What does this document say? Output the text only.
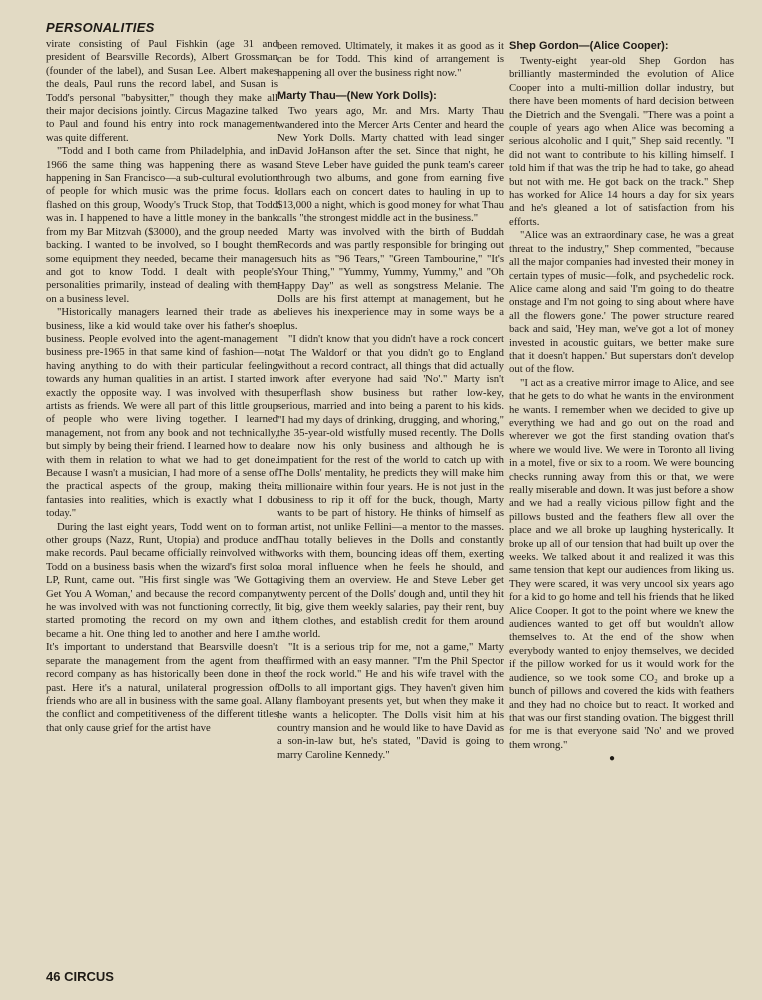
PERSONALITIES

virate consisting of Paul Fishkin (age 31 and president of Bearsville Records), Albert Grossman (founder of the label), and Susan Lee. Albert makes the deals, Paul runs the record label, and Susan is Todd's personal "babysitter," though they make all their major decisions jointly. Circus Magazine talked to Paul and found his entry into rock management was quite different.

"Todd and I both came from Philadelphia, and in 1966 the same thing was happening there as was happening in San Francisco—a sub-cultural evolution of people for which music was the prime focus. I flashed on this group, Woody's Truck Stop, that Todd was in. I happened to have a little money in the bank from my Bar Mitzvah ($3000), and the group needed backing. I wanted to be involved, so I bought them some equipment they needed, became their manager and got to know Todd. I dealt with people's personalities primarily, instead of dealing with them on a business level.

"Historically managers learned their trade as a business, like a kid would take over his father's shoe business. People evolved into the agent-management business pre-1965 in that same kind of fashion—not having anything to do with their particular feeling towards any human qualities in an artist. I started in exactly the opposite way. I was involved with the artists as friends. We were all part of this little group of people who were living together. I learned management, not from any book and not technically, but simply by being their friend. I learned how to deal with them in relation to what we had to get done. Because I wasn't a musician, I had more of a sense of the practical aspects of the group, making their fantasies into realities, which is exactly what I do today."

During the last eight years, Todd went on to form other groups (Nazz, Runt, Utopia) and produce and make records. Paul became officially reinvolved with Todd on a business basis when the wizard's first solo LP, Runt, came out. "His first single was 'We Gotta Get You A Woman,' and because the record company he was involved with was not functioning correctly, I started promoting the record on my own and it became a hit. One thing led to another and here I am. It's important to understand that Bearsville doesn't separate the management from the agent from the record company as has historically been done in the past. Here it's a natural, unilateral progression of friends who are all in business with the same goal. All the conflict and competitiveness of the different titles that only cause grief for the artist have

been removed. Ultimately, it makes it as good as it can be for Todd. This kind of arrangement is happening all over the business right now."

Marty Thau—(New York Dolls):

Two years ago, Mr. and Mrs. Marty Thau wandered into the Mercer Arts Center and heard the New York Dolls. Marty chatted with lead singer David JoHanson after the set. Since that night, he and Steve Leber have guided the punk team's career through two albums, and gone from earning five dollars each on concert dates to hauling in up to $13,000 a night, which is good money for what Thau calls "the strongest middle act in the business."

Marty was involved with the birth of Buddah Records and was partly responsible for bringing out such hits as "96 Tears," "Green Tambourine," "It's Your Thing," "Yummy, Yummy, Yummy," and "Oh Happy Day" as well as songstress Melanie. The Dolls are his first attempt at management, but he believes his inexperience may in some ways be a plus.

"I didn't know that you didn't have a rock concert at The Waldorf or that you didn't go to England without a record contract, all things that did actually work after everyone had said 'No'." Marty isn't superflash show business but rather low-key, serious, married and into being a parent to his kids. "I had my days of drinking, drugging, and whoring," the 35-year-old wistfully mused recently. The Dolls are now his only business and although he is impatient for the rest of the world to catch up with The Dolls' mentality, he predicts they will make him a millionaire within four years. He is not just in the business to rip it off for the buck, though, Marty wants to be part of history. He thinks of himself as an artist, not unlike Fellini—a mentor to the masses. Thau totally believes in the Dolls and constantly works with them, bouncing ideas off them, exerting a moral influence when he feels he should, and giving them an overview. He and Steve Leber get twenty percent of the Dolls' dough and, until they hit it big, give them weekly salaries, pay their rent, buy them clothes, and establish credit for them around the world.

"It is a serious trip for me, not a game," Marty affirmed with an easy manner. "I'm the Phil Spector of the rock world." He and his wife travel with the Dolls to all important gigs. They haven't given him any flamboyant presents yet, but when they make it he wants a helicopter. The Dolls visit him at his country mansion and he would like to have David as a son-in-law but, he's stated, "David is going to marry Caroline Kennedy."

Shep Gordon—(Alice Cooper):

Twenty-eight year-old Shep Gordon has brilliantly masterminded the evolution of Alice Cooper into a multi-million dollar industry, but there have been moments of hard decision between the Dietrich and the Svengali. "There was a point a couple of years ago when Alice was becoming a serious alcoholic and I quit," Shep said recently. "I did not want to contribute to his killing himself. I told him if that was the trip he had to take, go ahead but not with me. He got back on the track." Shep has worked for Alice 14 hours a day for six years and he's gleaned a lot of satisfaction from his efforts.

"Alice was an extraordinary case, he was a great threat to the industry," Shep commented, "because all the major companies had invested their money in certain types of music—folk, and psychedelic rock. Alice came along and said 'I'm going to do theatre onstage and I'm not going to sing about where have all the flowers gone.' The power structure reared back and said, 'Hey man, we've got a lot of money invested in acoustic guitars, we better make sure that it doesn't happen.' But superstars don't develop out of the flow.

"I act as a creative mirror image to Alice, and see that he gets to do what he wants in the environment he wants. I remember when we decided to give up everything we had and go out on the road and wherever we got the first standing ovation that's where we would live. We were in Toronto all living in a motel, five or six to a room. We were bouncing checks running away from this or that, we were really miserable and down. It was just before a show and we had a really vicious pillow fight and the pillows busted and the feathers flew all over the place and we all broke up laughing hysterically. It broke up all of our tension that had built up over the weeks. We talked about it and realized it was this same tension that kept our audiences from liking us. They were scared, it was very uncool six years ago for a kid to go home and tell his friends that he liked Alice Cooper. It got to the point where we knew the audiences wanted to get off but wouldn't allow themselves to. At the end of the show when everybody wanted to enjoy themselves, we decided if the pillow worked for us it would work for the audience, so we took some CO₂ and broke up a bunch of pillows and covered the kids with feathers and they had no choice but to react. It worked and that was our first standing ovation. The biggest thrill for me is that everyone said 'No' and we proved them wrong."

●
46 CIRCUS
